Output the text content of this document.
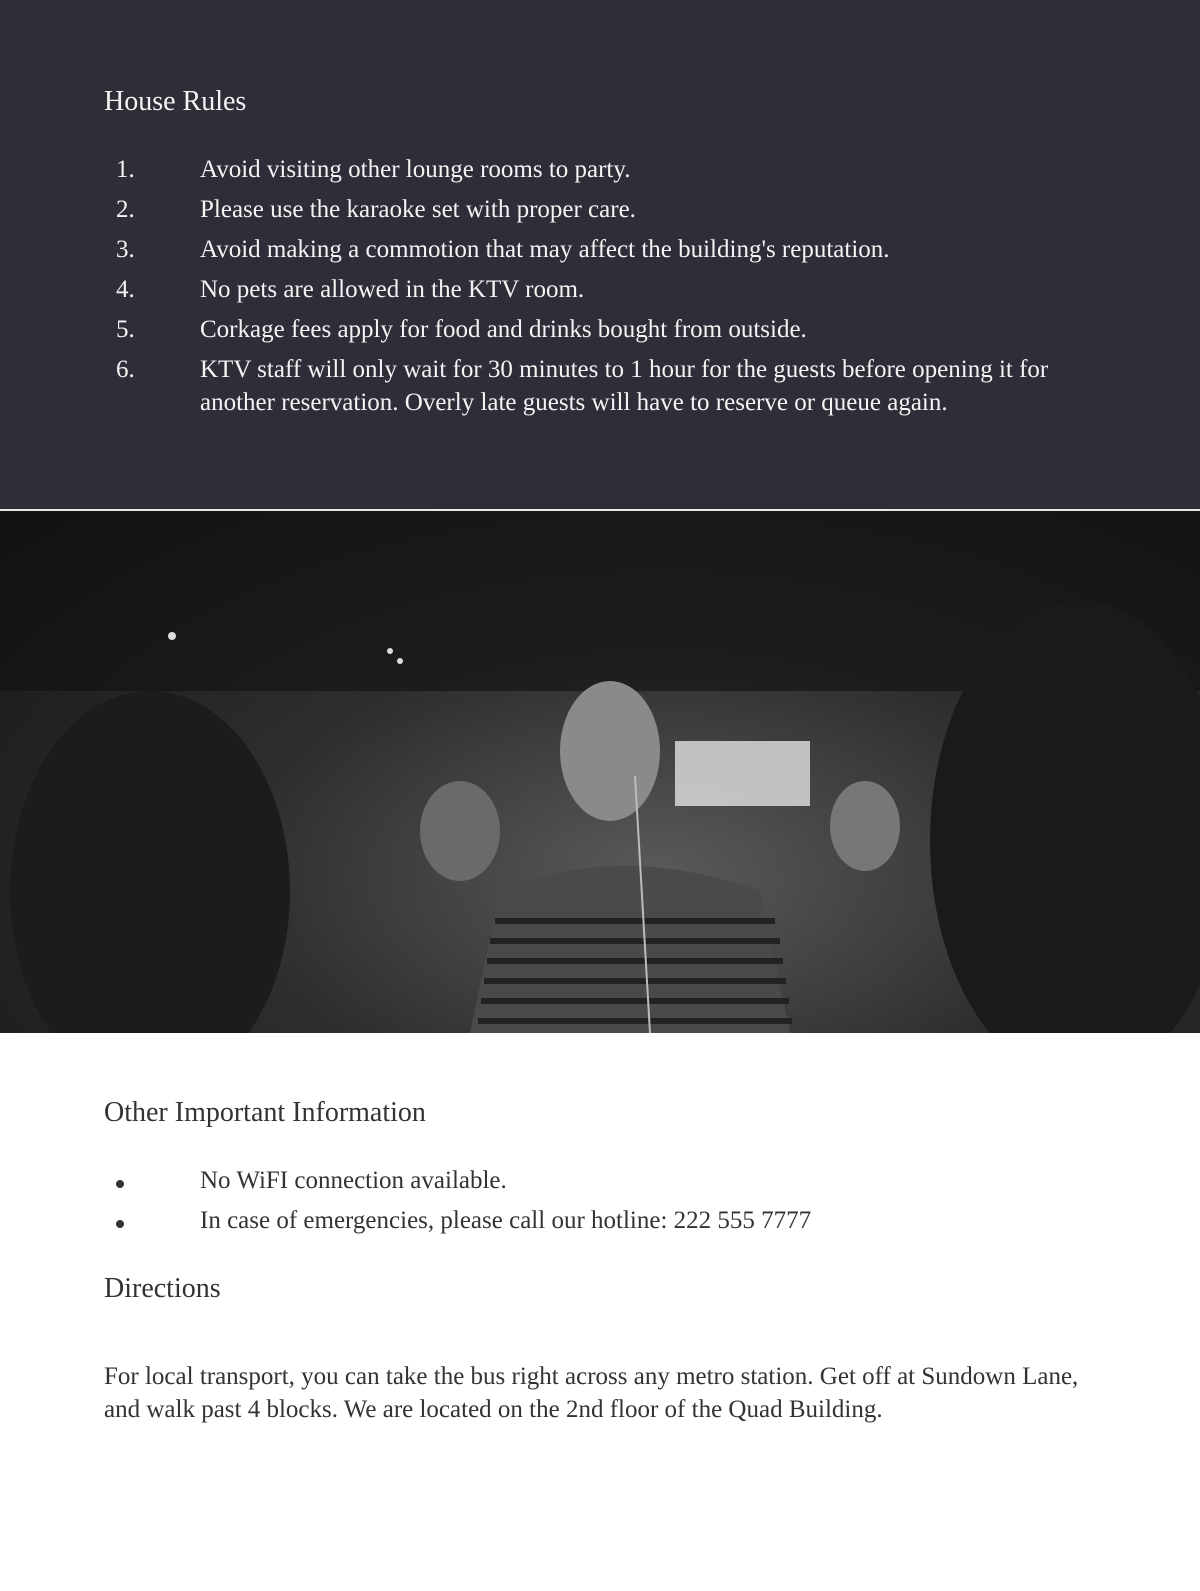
House Rules
1.	Avoid visiting other lounge rooms to party.
2.	Please use the karaoke set with proper care.
3.	Avoid making a commotion that may affect the building's reputation.
4.	No pets are allowed in the KTV room.
5.	Corkage fees apply for food and drinks bought from outside.
6.	KTV staff will only wait for 30 minutes to 1 hour for the guests before opening it for another reservation. Overly late guests will have to reserve or queue again.
Other Important Information
No WiFI connection available.
In case of emergencies, please call our hotline: 222 555 7777
Directions

For local transport, you can take the bus right across any metro station. Get off at Sundown Lane, and walk past 4 blocks. We are located on the 2nd floor of the Quad Building.
